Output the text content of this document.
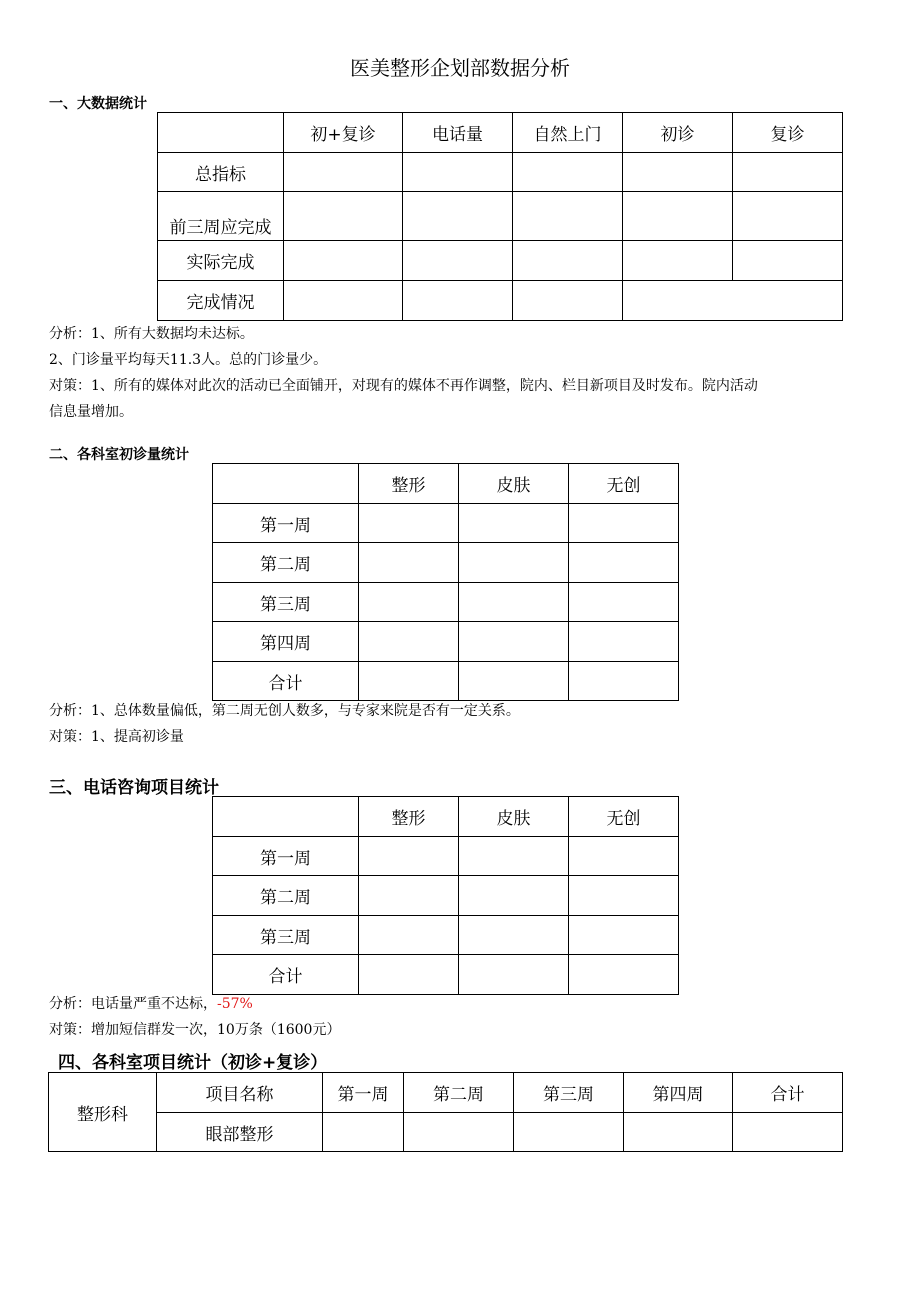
医美整形企划部数据分析
一、大数据统计
	初+复诊	电话量	自然上门	初诊	复诊
总指标					
前三周应完成					
实际完成					
完成情况					
分析：1、所有大数据均未达标。
2、门诊量平均每天11.3人。总的门诊量少。
对策：1、所有的媒体对此次的活动已全面铺开，对现有的媒体不再作调整，院内、栏目新项目及时发布。院内活动
信息量增加。
二、各科室初诊量统计
	整形	皮肤	无创
第一周			
第二周			
第三周			
第四周			
合计			
分析：1、总体数量偏低，第二周无创人数多，与专家来院是否有一定关系。
对策：1、提高初诊量
三、电话咨询项目统计
	整形	皮肤	无创
第一周			
第二周			
第三周			
合计			
分析：电话量严重不达标，-57%
对策：增加短信群发一次，10万条（1600元）
四、各科室项目统计（初诊+复诊）
整形科	项目名称	第一周	第二周	第三周	第四周	合计
	眼部整形					
